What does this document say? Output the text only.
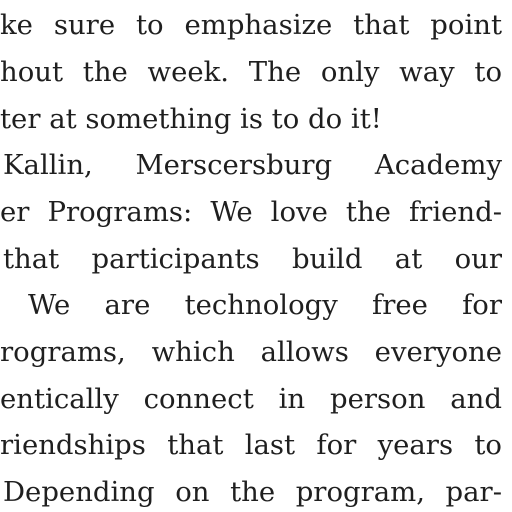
ke sure to emphasize that point
hout the week. The only way to
ter at something is to do it!
Kallin, Merscersburg Academy
er Programs: We love the friend-
that participants build at our
We are technology free for
rograms, which allows everyone
entically connect in person and
riendships that last for years to
Depending on the program, par-
